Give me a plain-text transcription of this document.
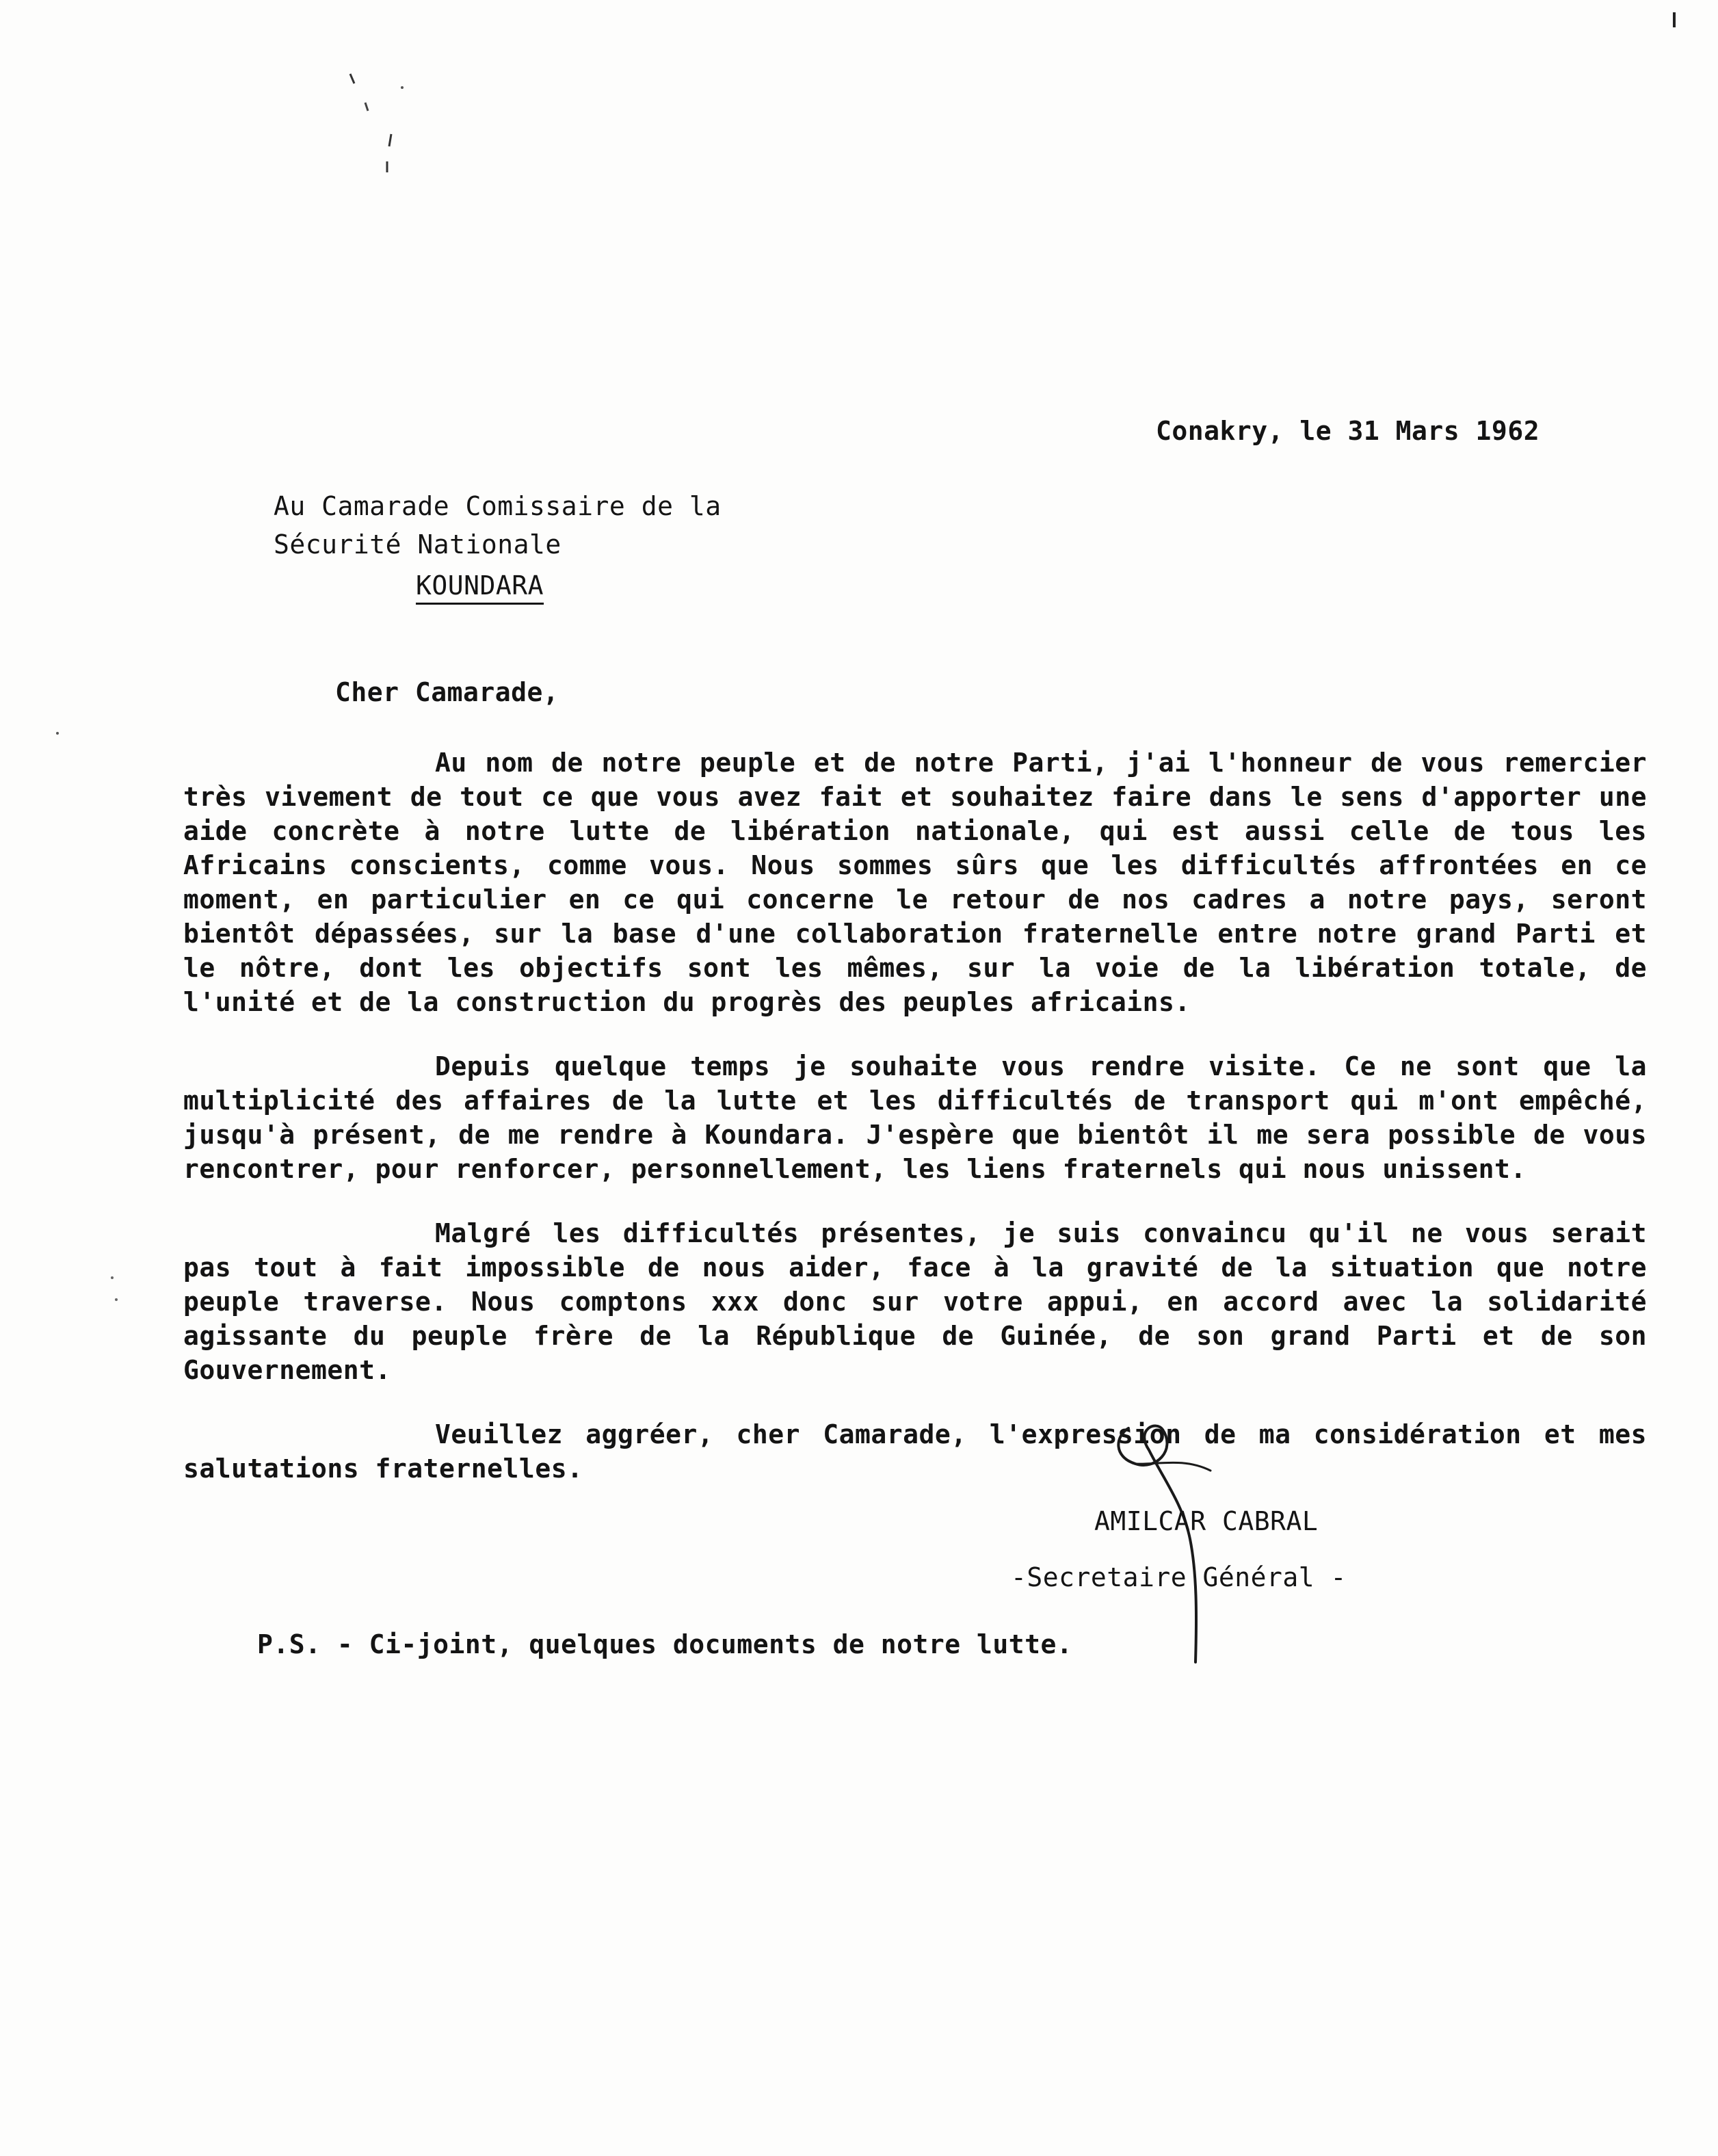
Conakry, le 31 Mars 1962
Au Camarade Comissaire de la
Sécurité Nationale
KOUNDARA
Cher Camarade,

Au nom de notre peuple et de notre Parti, j'ai l'honneur de vous remercier très vivement de tout ce que vous avez fait et souhaitez faire dans le sens d'apporter une aide concrète à notre lutte de libération nationale, qui est aussi celle de tous les Africains conscients, comme vous. Nous sommes sûrs que les difficultés affrontées en ce moment, en particulier en ce qui concerne le retour de nos cadres a notre pays, seront bientôt dépassées, sur la base d'une collaboration fraternelle entre notre grand Parti et le nôtre, dont les objectifs sont les mêmes, sur la voie de la libération totale, de l'unité et de la construction du progrès des peuples africains.

Depuis quelque temps je souhaite vous rendre visite. Ce ne sont que la multiplicité des affaires de la lutte et les difficultés de transport qui m'ont empêché, jusqu'à présent, de me rendre à Koundara. J'espère que bientôt il me sera possible de vous rencontrer, pour renforcer, personnellement, les liens fraternels qui nous unissent.

Malgré les difficultés présentes, je suis convaincu qu'il ne vous serait pas tout à fait impossible de nous aider, face à la gravité de la situation que notre peuple traverse. Nous comptons xxx donc sur votre appui, en accord avec la solidarité agissante du peuple frère de la République de Guinée, de son grand Parti et de son Gouvernement.

Veuillez aggréer, cher Camarade, l'expression de ma considération et mes salutations fraternelles.

AMILCAR CABRAL
-Secretaire Général -
P.S. - Ci-joint, quelques documents de notre lutte.
